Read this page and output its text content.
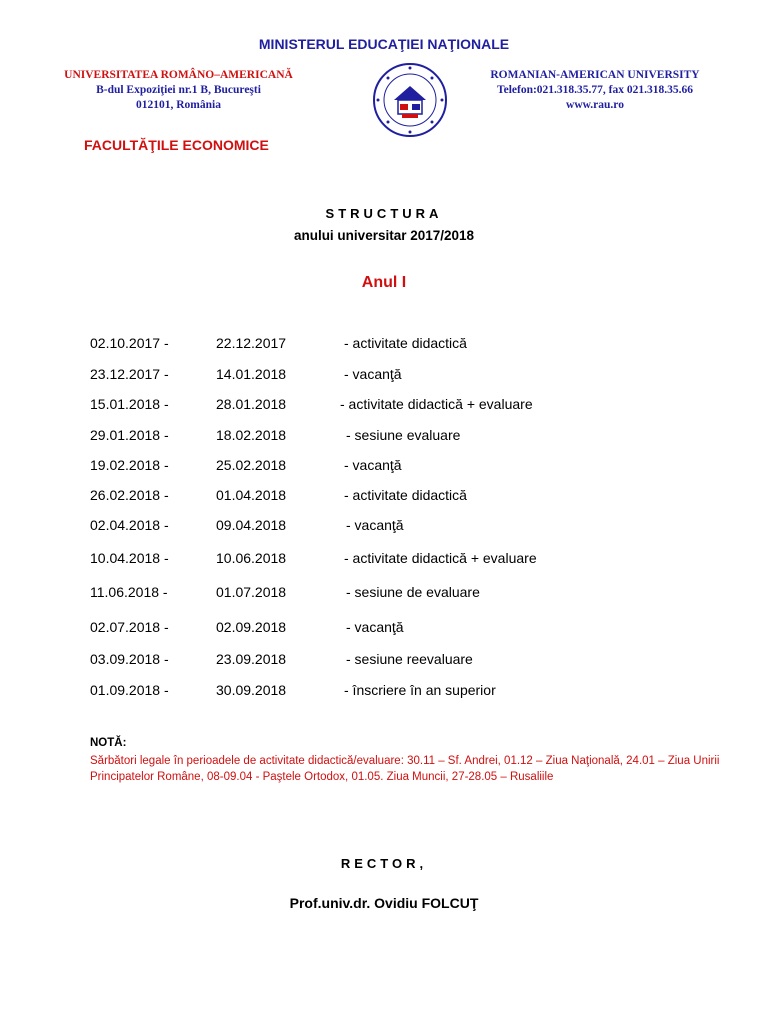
MINISTERUL EDUCAŢIEI NAŢIONALE
UNIVERSITATEA ROMÂNO–AMERICANĂ
B-dul Expoziţiei nr.1 B, Bucureşti
012101, România
ROMANIAN-AMERICAN UNIVERSITY
Telefon:021.318.35.77, fax 021.318.35.66
www.rau.ro
FACULTĂŢILE ECONOMICE
STRUCTURA
anului universitar 2017/2018
Anul I
02.10.2017 -	22.12.2017	- activitate didactică
23.12.2017 -	14.01.2018	- vacanţă
15.01.2018 -	28.01.2018	- activitate didactică + evaluare
29.01.2018 -	18.02.2018	- sesiune evaluare
19.02.2018 -	25.02.2018	- vacanţă
26.02.2018 -	01.04.2018	- activitate didactică
02.04.2018 -	09.04.2018	- vacanţă
10.04.2018 -	10.06.2018	- activitate didactică + evaluare
11.06.2018 -	01.07.2018	- sesiune de evaluare
02.07.2018 -	02.09.2018	- vacanţă
03.09.2018 -	23.09.2018	- sesiune reevaluare
01.09.2018 -	30.09.2018	- înscriere în an superior
NOTĂ:
Sărbători legale în perioadele de activitate didactică/evaluare: 30.11 – Sf. Andrei, 01.12 – Ziua Naţională, 24.01 – Ziua Unirii Principatelor Române, 08-09.04 - Paştele Ortodox, 01.05. Ziua Muncii, 27-28.05 – Rusaliile
RECTOR,
Prof.univ.dr. Ovidiu FOLCUŢ
